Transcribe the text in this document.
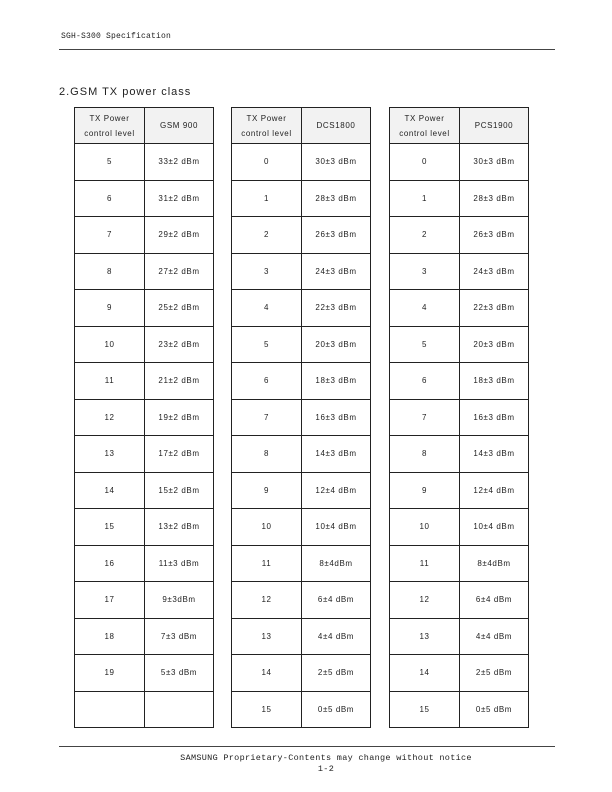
SGH-S300 Specification
2.GSM TX power class
TX Power
control level	GSM 900
5	33±2 dBm
6	31±2 dBm
7	29±2 dBm
8	27±2 dBm
9	25±2 dBm
10	23±2 dBm
11	21±2 dBm
12	19±2 dBm
13	17±2 dBm
14	15±2 dBm
15	13±2 dBm
16	11±3 dBm
17	9±3dBm
18	7±3 dBm
19	5±3 dBm

TX Power
control level	DCS1800
0	30±3 dBm
1	28±3 dBm
2	26±3 dBm
3	24±3 dBm
4	22±3 dBm
5	20±3 dBm
6	18±3 dBm
7	16±3 dBm
8	14±3 dBm
9	12±4 dBm
10	10±4 dBm
11	8±4dBm
12	6±4 dBm
13	4±4 dBm
14	2±5 dBm
15	0±5 dBm
TX Power
control level	PCS1900
0	30±3 dBm
1	28±3 dBm
2	26±3 dBm
3	24±3 dBm
4	22±3 dBm
5	20±3 dBm
6	18±3 dBm
7	16±3 dBm
8	14±3 dBm
9	12±4 dBm
10	10±4 dBm
11	8±4dBm
12	6±4 dBm
13	4±4 dBm
14	2±5 dBm
15	0±5 dBm
SAMSUNG Proprietary-Contents may change without notice
1-2
